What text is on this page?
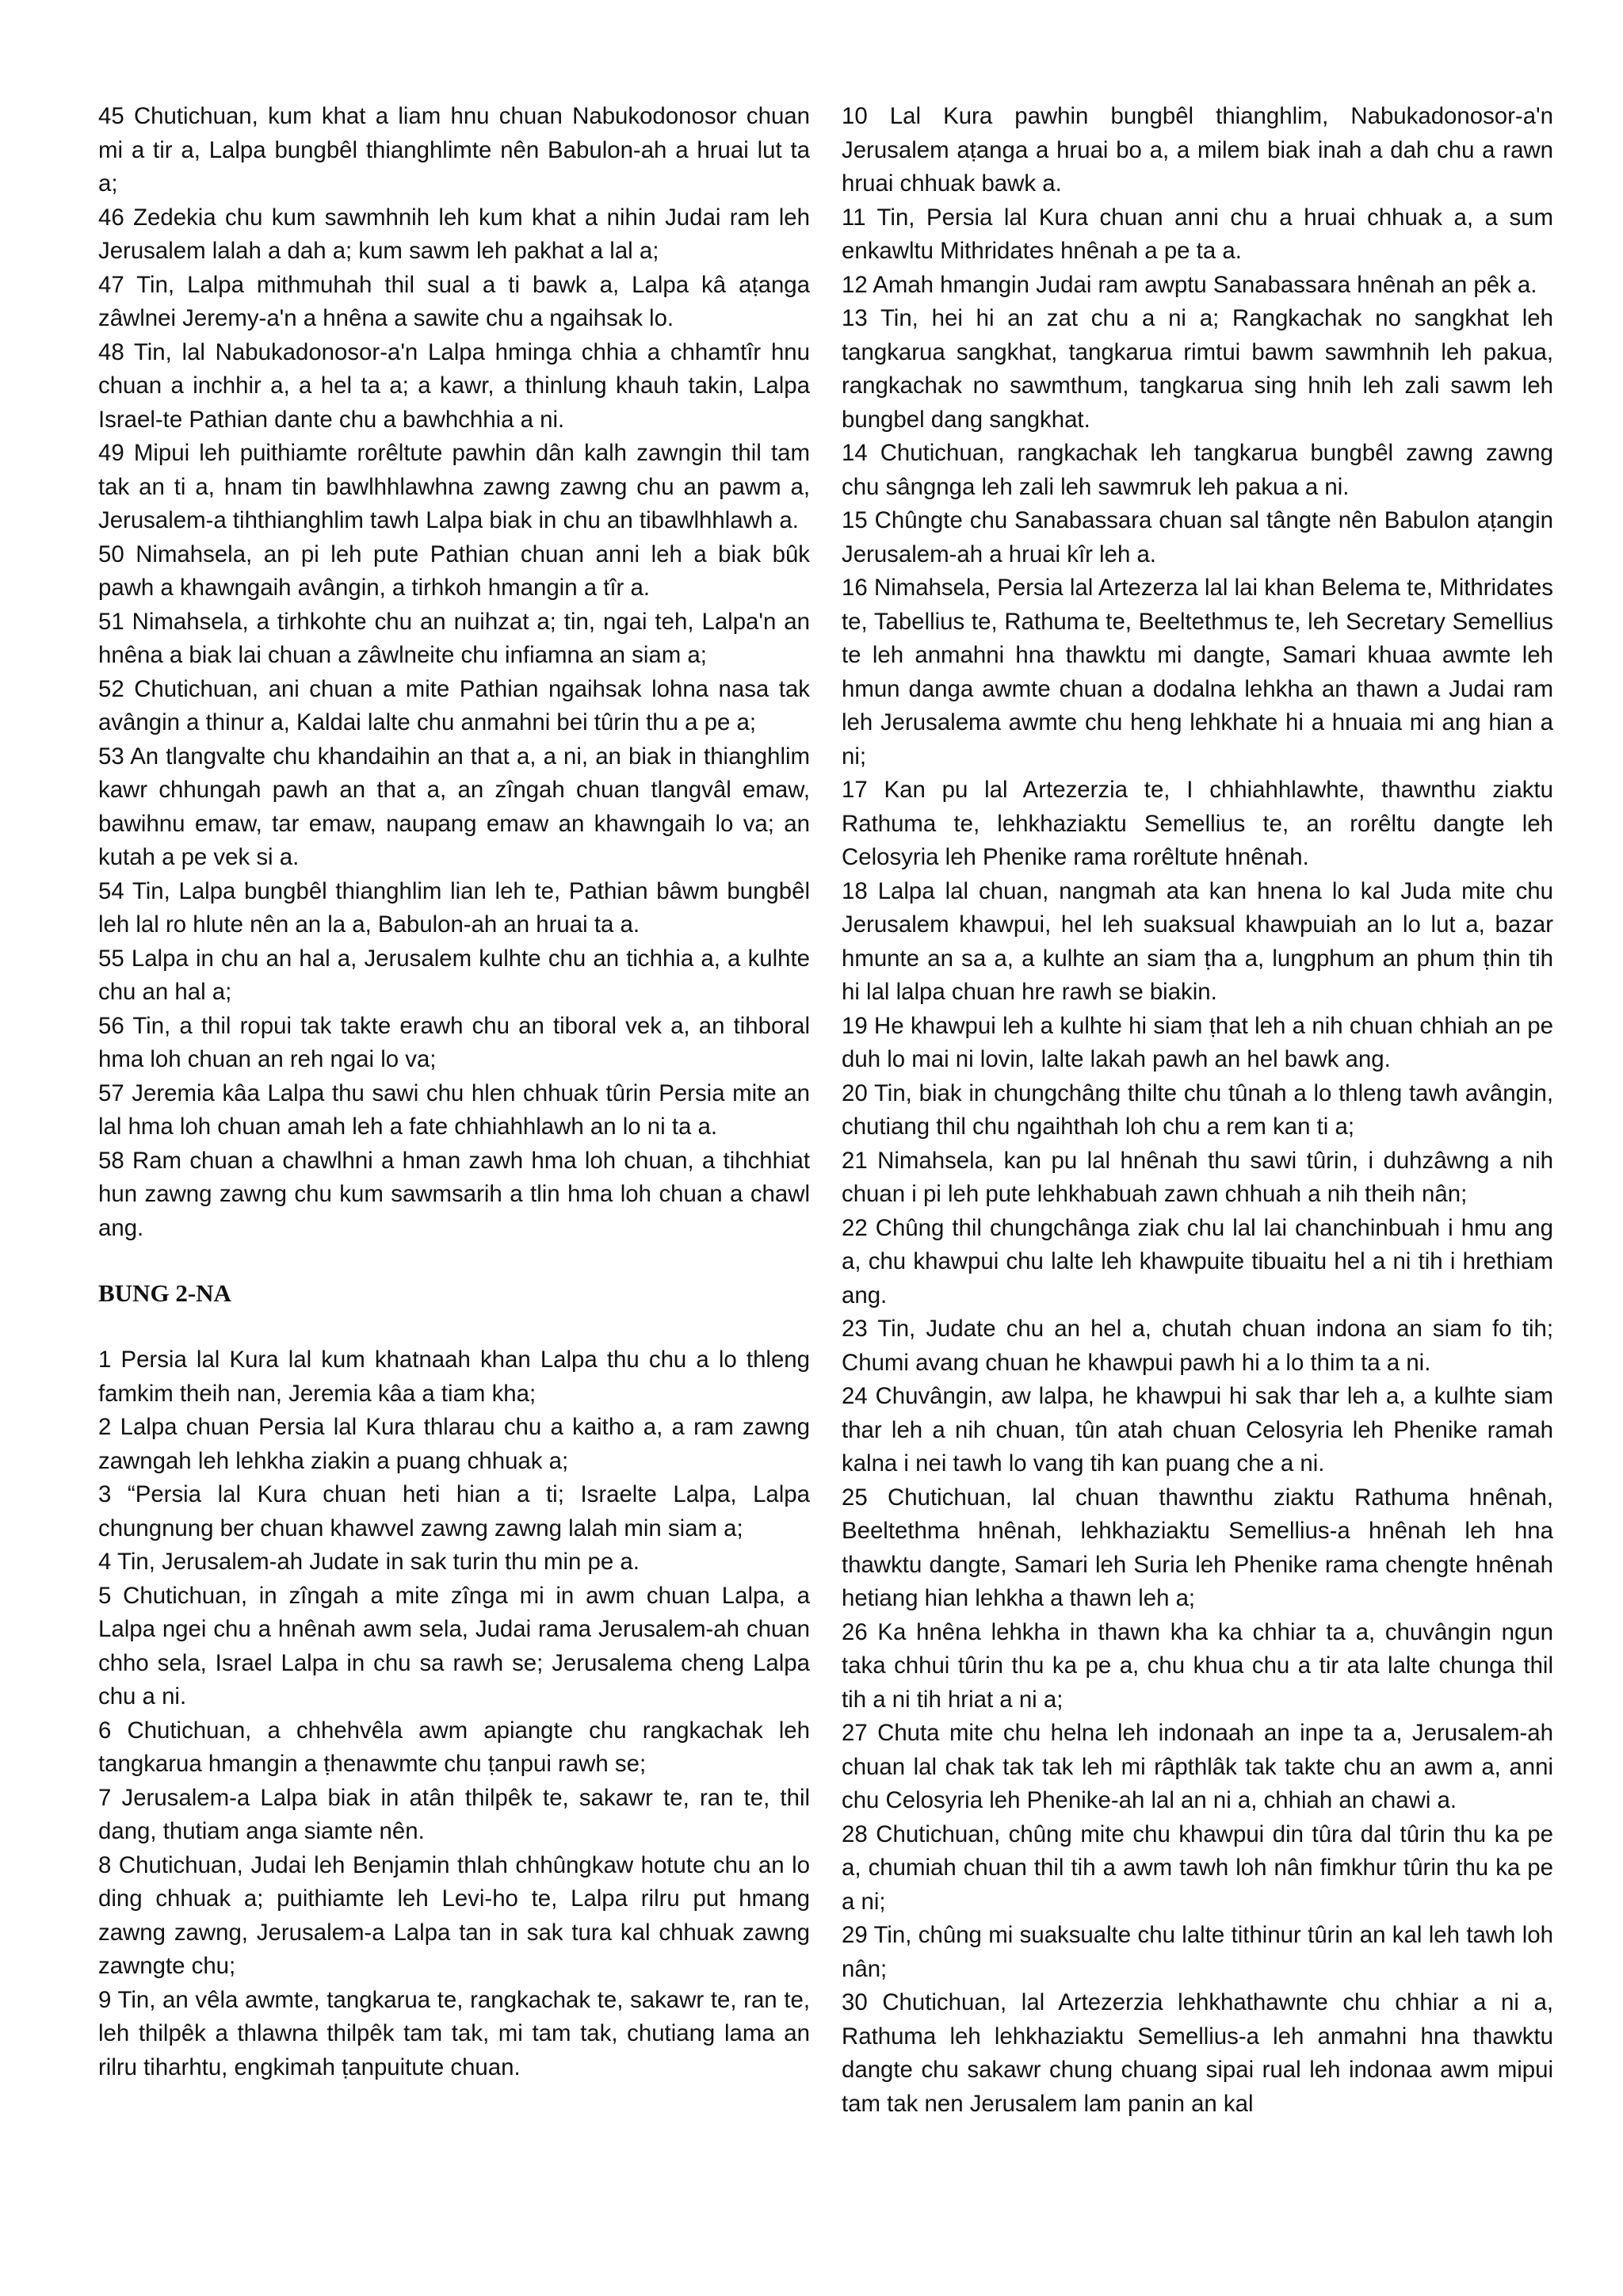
45 Chutichuan, kum khat a liam hnu chuan Nabukodonosor chuan mi a tir a, Lalpa bungbêl thianghlimte nên Babulon-ah a hruai lut ta a;

46 Zedekia chu kum sawmhnih leh kum khat a nihin Judai ram leh Jerusalem lalah a dah a; kum sawm leh pakhat a lal a;

47 Tin, Lalpa mithmuhah thil sual a ti bawk a, Lalpa kâ aṭanga zâwlnei Jeremy-a'n a hnêna a sawite chu a ngaihsak lo.

48 Tin, lal Nabukadonosor-a'n Lalpa hminga chhia a chhamtîr hnu chuan a inchhir a, a hel ta a; a kawr, a thinlung khauh takin, Lalpa Israel-te Pathian dante chu a bawhchhia a ni.

49 Mipui leh puithiamte rorêltute pawhin dân kalh zawngin thil tam tak an ti a, hnam tin bawlhhlawhna zawng zawng chu an pawm a, Jerusalem-a tihthianghlim tawh Lalpa biak in chu an tibawlhhlawh a.

50 Nimahsela, an pi leh pute Pathian chuan anni leh a biak bûk pawh a khawngaih avângin, a tirhkoh hmangin a tîr a.

51 Nimahsela, a tirhkohte chu an nuihzat a; tin, ngai teh, Lalpa'n an hnêna a biak lai chuan a zâwlneite chu infiamna an siam a;

52 Chutichuan, ani chuan a mite Pathian ngaihsak lohna nasa tak avângin a thinur a, Kaldai lalte chu anmahni bei tûrin thu a pe a;

53 An tlangvalte chu khandaihin an that a, a ni, an biak in thianghlim kawr chhungah pawh an that a, an zîngah chuan tlangvâl emaw, bawihnu emaw, tar emaw, naupang emaw an khawngaih lo va; an kutah a pe vek si a.

54 Tin, Lalpa bungbêl thianghlim lian leh te, Pathian bâwm bungbêl leh lal ro hlute nên an la a, Babulon-ah an hruai ta a.

55 Lalpa in chu an hal a, Jerusalem kulhte chu an tichhia a, a kulhte chu an hal a;

56 Tin, a thil ropui tak takte erawh chu an tiboral vek a, an tihboral hma loh chuan an reh ngai lo va;

57 Jeremia kâa Lalpa thu sawi chu hlen chhuak tûrin Persia mite an lal hma loh chuan amah leh a fate chhiahhlawh an lo ni ta a.

58 Ram chuan a chawlhni a hman zawh hma loh chuan, a tihchhiat hun zawng zawng chu kum sawmsarih a tlin hma loh chuan a chawl ang.

BUNG 2-NA

1 Persia lal Kura lal kum khatnaah khan Lalpa thu chu a lo thleng famkim theih nan, Jeremia kâa a tiam kha;

2 Lalpa chuan Persia lal Kura thlarau chu a kaitho a, a ram zawng zawngah leh lehkha ziakin a puang chhuak a;

3 “Persia lal Kura chuan heti hian a ti; Israelte Lalpa, Lalpa chungnung ber chuan khawvel zawng zawng lalah min siam a;

4 Tin, Jerusalem-ah Judate in sak turin thu min pe a.

5 Chutichuan, in zîngah a mite zînga mi in awm chuan Lalpa, a Lalpa ngei chu a hnênah awm sela, Judai rama Jerusalem-ah chuan chho sela, Israel Lalpa in chu sa rawh se; Jerusalema cheng Lalpa chu a ni.

6 Chutichuan, a chhehvêla awm apiangte chu rangkachak leh tangkarua hmangin a ṭhenawmte chu ṭanpui rawh se;

7 Jerusalem-a Lalpa biak in atân thilpêk te, sakawr te, ran te, thil dang, thutiam anga siamte nên.

8 Chutichuan, Judai leh Benjamin thlah chhûngkaw hotute chu an lo ding chhuak a; puithiamte leh Levi-ho te, Lalpa rilru put hmang zawng zawng, Jerusalem-a Lalpa tan in sak tura kal chhuak zawng zawngte chu;

9 Tin, an vêla awmte, tangkarua te, rangkachak te, sakawr te, ran te, leh thilpêk a thlawna thilpêk tam tak, mi tam tak, chutiang lama an rilru tiharhtu, engkimah ṭanpuitute chuan.

10 Lal Kura pawhin bungbêl thianghlim, Nabukadonosor-a'n Jerusalem aṭanga a hruai bo a, a milem biak inah a dah chu a rawn hruai chhuak bawk a.

11 Tin, Persia lal Kura chuan anni chu a hruai chhuak a, a sum enkawltu Mithridates hnênah a pe ta a.

12 Amah hmangin Judai ram awptu Sanabassara hnênah an pêk a.

13 Tin, hei hi an zat chu a ni a; Rangkachak no sangkhat leh tangkarua sangkhat, tangkarua rimtui bawm sawmhnih leh pakua, rangkachak no sawmthum, tangkarua sing hnih leh zali sawm leh bungbel dang sangkhat.

14 Chutichuan, rangkachak leh tangkarua bungbêl zawng zawng chu sângnga leh zali leh sawmruk leh pakua a ni.

15 Chûngte chu Sanabassara chuan sal tângte nên Babulon aṭangin Jerusalem-ah a hruai kîr leh a.

16 Nimahsela, Persia lal Artezerza lal lai khan Belema te, Mithridates te, Tabellius te, Rathuma te, Beeltethmus te, leh Secretary Semellius te leh anmahni hna thawktu mi dangte, Samari khuaa awmte leh hmun danga awmte chuan a dodalna lehkha an thawn a Judai ram leh Jerusalema awmte chu heng lehkhate hi a hnuaia mi ang hian a ni;

17 Kan pu lal Artezerzia te, I chhiahhlawhte, thawnthu ziaktu Rathuma te, lehkhaziaktu Semellius te, an rorêltu dangte leh Celosyria leh Phenike rama rorêltute hnênah.

18 Lalpa lal chuan, nangmah ata kan hnena lo kal Juda mite chu Jerusalem khawpui, hel leh suaksual khawpuiah an lo lut a, bazar hmunte an sa a, a kulhte an siam ṭha a, lungphum an phum ṭhin tih hi lal lalpa chuan hre rawh se biakin.

19 He khawpui leh a kulhte hi siam ṭhat leh a nih chuan chhiah an pe duh lo mai ni lovin, lalte lakah pawh an hel bawk ang.

20 Tin, biak in chungchâng thilte chu tûnah a lo thleng tawh avângin, chutiang thil chu ngaihthah loh chu a rem kan ti a;

21 Nimahsela, kan pu lal hnênah thu sawi tûrin, i duhzâwng a nih chuan i pi leh pute lehkhabuah zawn chhuah a nih theih nân;

22 Chûng thil chungchânga ziak chu lal lai chanchinbuah i hmu ang a, chu khawpui chu lalte leh khawpuite tibuaitu hel a ni tih i hrethiam ang.

23 Tin, Judate chu an hel a, chutah chuan indona an siam fo tih; Chumi avang chuan he khawpui pawh hi a lo thim ta a ni.

24 Chuvângin, aw lalpa, he khawpui hi sak thar leh a, a kulhte siam thar leh a nih chuan, tûn atah chuan Celosyria leh Phenike ramah kalna i nei tawh lo vang tih kan puang che a ni.

25 Chutichuan, lal chuan thawnthu ziaktu Rathuma hnênah, Beeltethma hnênah, lehkhaziaktu Semellius-a hnênah leh hna thawktu dangte, Samari leh Suria leh Phenike rama chengte hnênah hetiang hian lehkha a thawn leh a;

26 Ka hnêna lehkha in thawn kha ka chhiar ta a, chuvângin ngun taka chhui tûrin thu ka pe a, chu khua chu a tir ata lalte chunga thil tih a ni tih hriat a ni a;

27 Chuta mite chu helna leh indonaah an inpe ta a, Jerusalem-ah chuan lal chak tak tak leh mi râpthlâk tak takte chu an awm a, anni chu Celosyria leh Phenike-ah lal an ni a, chhiah an chawi a.

28 Chutichuan, chûng mite chu khawpui din tûra dal tûrin thu ka pe a, chumiah chuan thil tih a awm tawh loh nân fimkhur tûrin thu ka pe a ni;

29 Tin, chûng mi suaksualte chu lalte tithinur tûrin an kal leh tawh loh nân;

30 Chutichuan, lal Artezerzia lehkhathawnte chu chhiar a ni a, Rathuma leh lehkhaziaktu Semellius-a leh anmahni hna thawktu dangte chu sakawr chung chuang sipai rual leh indonaa awm mipui tam tak nen Jerusalem lam panin an kal
